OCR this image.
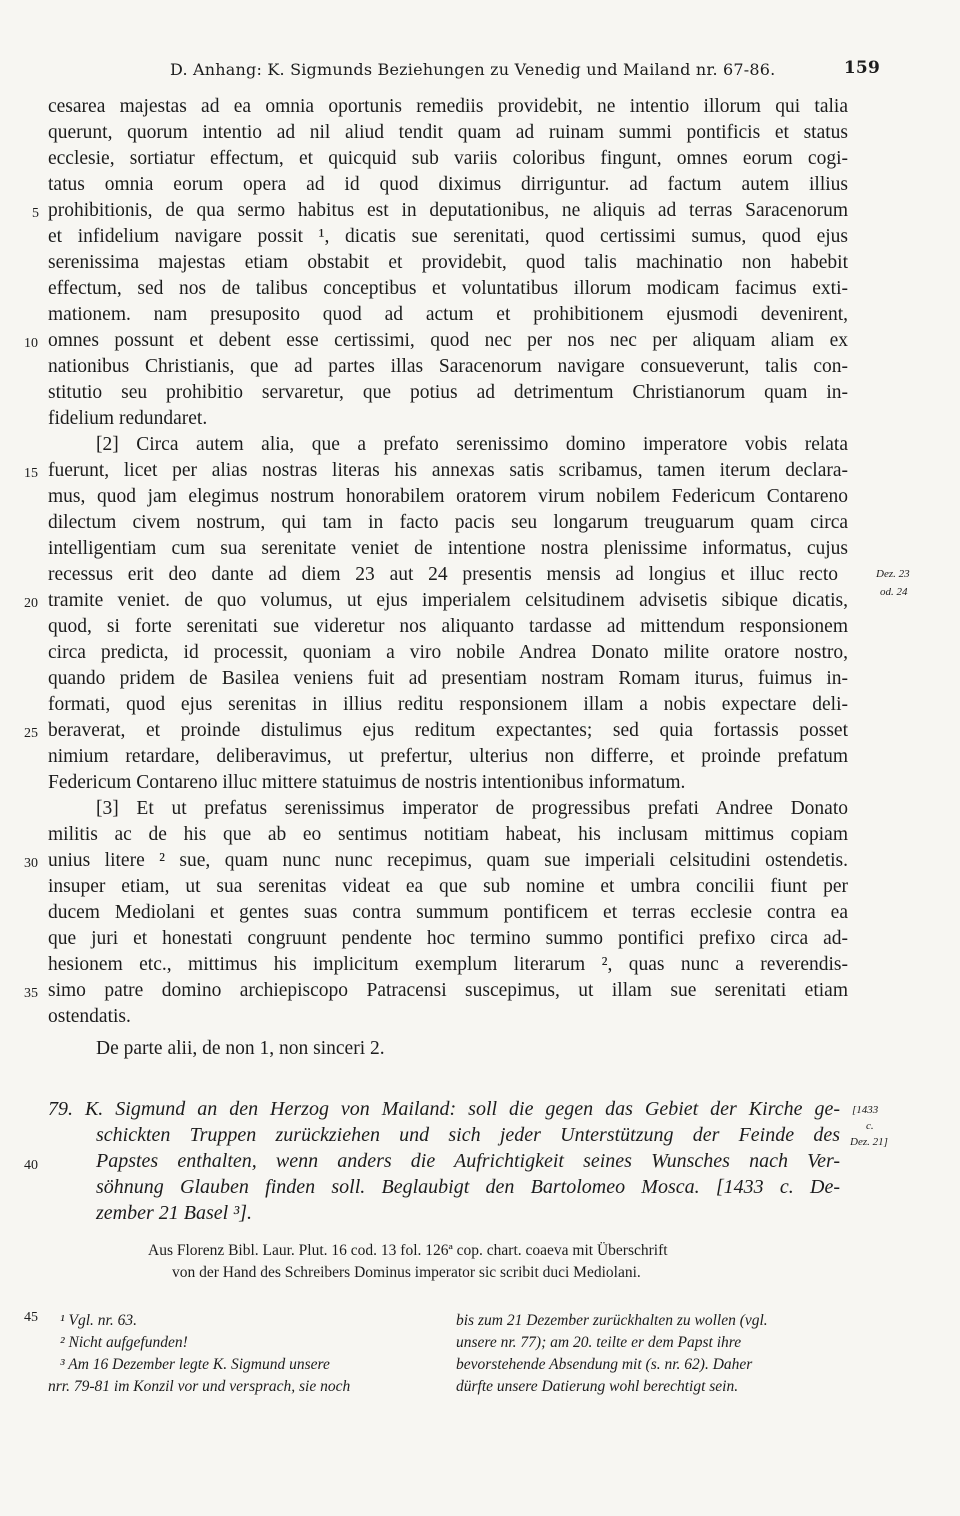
D. Anhang: K. Sigmunds Beziehungen zu Venedig und Mailand nr. 67-86.	159
cesarea majestas ad ea omnia oportunis remediis providebit, ne intentio illorum qui talia
querunt, quorum intentio ad nil aliud tendit quam ad ruinam summi pontificis et status
ecclesie, sortiatur effectum, et quicquid sub variis coloribus fingunt, omnes eorum cogi-
tatus omnia eorum opera ad id quod diximus dirriguntur. ad factum autem illius
prohibitionis, de qua sermo habitus est in deputationibus, ne aliquis ad terras Saracenorum
et infidelium navigare possit ¹, dicatis sue serenitati, quod certissimi sumus, quod ejus
serenissima majestas etiam obstabit et providebit, quod talis machinatio non habebit
effectum, sed nos de talibus conceptibus et voluntatibus illorum modicam facimus exti-
mationem. nam presuposito quod ad actum et prohibitionem ejusmodi devenirent,
omnes possunt et debent esse certissimi, quod nec per nos nec per aliquam aliam ex
nationibus Christianis, que ad partes illas Saracenorum navigare consueverunt, talis con-
stitutio seu prohibitio servaretur, que potius ad detrimentum Christianorum quam in-
fidelium redundaret.
[2] Circa autem alia, que a prefato serenissimo domino imperatore vobis relata
fuerunt, licet per alias nostras literas his annexas satis scribamus, tamen iterum declara-
mus, quod jam elegimus nostrum honorabilem oratorem virum nobilem Federicum Contareno
dilectum civem nostrum, qui tam in facto pacis seu longarum treuguarum quam circa
intelligentiam cum sua serenitate veniet de intentione nostra plenissime informatus, cujus
recessus erit deo dante ad diem 23 aut 24 presentis mensis ad longius et illuc recto
tramite veniet. de quo volumus, ut ejus imperialem celsitudinem advisetis sibique dicatis,
quod, si forte serenitati sue videretur nos aliquanto tardasse ad mittendum responsionem
circa predicta, id processit, quoniam a viro nobile Andrea Donato milite oratore nostro,
quando pridem de Basilea veniens fuit ad presentiam nostram Romam iturus, fuimus in-
formati, quod ejus serenitas in illius reditu responsionem illam a nobis expectare deli-
beraverat, et proinde distulimus ejus reditum expectantes; sed quia fortassis posset
nimium retardare, deliberavimus, ut prefertur, ulterius non differre, et proinde prefatum
Federicum Contareno illuc mittere statuimus de nostris intentionibus informatum.
[3] Et ut prefatus serenissimus imperator de progressibus prefati Andree Donato
militis ac de his que ab eo sentimus notitiam habeat, his inclusam mittimus copiam
unius litere ² sue, quam nunc nunc recepimus, quam sue imperiali celsitudini ostendetis.
insuper etiam, ut sua serenitas videat ea que sub nomine et umbra concilii fiunt per
ducem Mediolani et gentes suas contra summum pontificem et terras ecclesie contra ea
que juri et honestati congruunt pendente hoc termino summo pontifici prefixo circa ad-
hesionem etc., mittimus his implicitum exemplum literarum ², quas nunc a reverendis-
simo patre domino archiepiscopo Patracensi suscepimus, ut illam sue serenitati etiam
ostendatis.
De parte alii, de non 1, non sinceri 2.
5
10
15
20
25
30
35
40
45
Dez. 23
od. 24
[1433
c.
Dez. 21]
79. K. Sigmund an den Herzog von Mailand: soll die gegen das Gebiet der Kirche ge-
schickten Truppen zurückziehen und sich jeder Unterstützung der Feinde des
Papstes enthalten, wenn anders die Aufrichtigkeit seines Wunsches nach Ver-
söhnung Glauben finden soll. Beglaubigt den Bartolomeo Mosca. [1433 c. De-
zember 21 Basel ³].
Aus Florenz Bibl. Laur. Plut. 16 cod. 13 fol. 126ª cop. chart. coaeva mit Überschrift
von der Hand des Schreibers Dominus imperator sic scribit duci Mediolani.
¹ Vgl. nr. 63.
² Nicht aufgefunden!
³ Am 16 Dezember legte K. Sigmund unsere
nrr. 79-81 im Konzil vor und versprach, sie noch
bis zum 21 Dezember zurückhalten zu wollen (vgl.
unsere nr. 77); am 20. teilte er dem Papst ihre
bevorstehende Absendung mit (s. nr. 62). Daher
dürfte unsere Datierung wohl berechtigt sein.
